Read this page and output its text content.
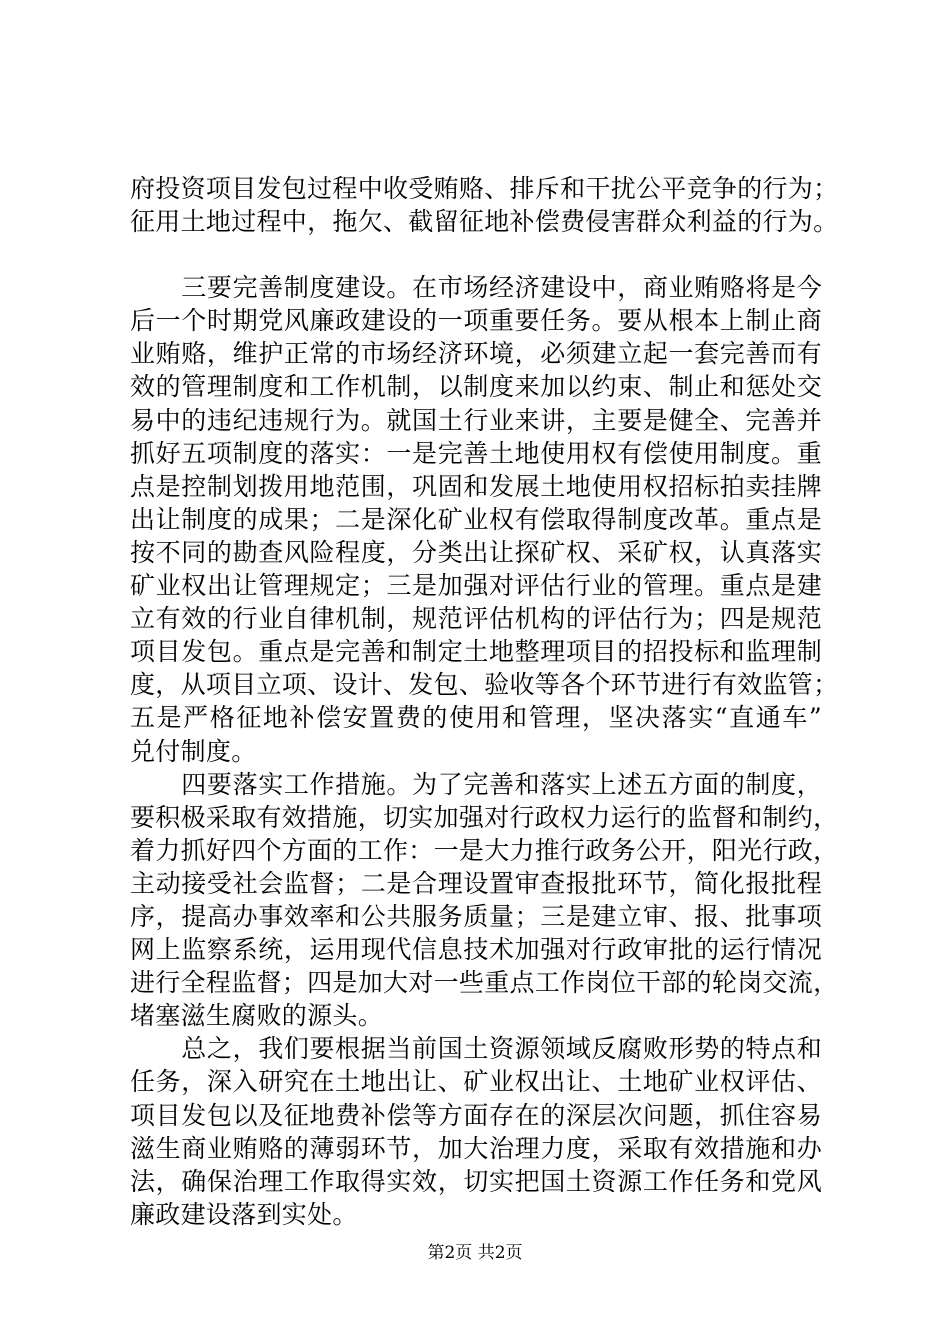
府投资项目发包过程中收受贿赂、排斥和干扰公平竞争的行为；
征用土地过程中，拖欠、截留征地补偿费侵害群众利益的行为。
　　三要完善制度建设。在市场经济建设中，商业贿赂将是今
后一个时期党风廉政建设的一项重要任务。要从根本上制止商
业贿赂，维护正常的市场经济环境，必须建立起一套完善而有
效的管理制度和工作机制，以制度来加以约束、制止和惩处交
易中的违纪违规行为。就国土行业来讲，主要是健全、完善并
抓好五项制度的落实：一是完善土地使用权有偿使用制度。重
点是控制划拨用地范围，巩固和发展土地使用权招标拍卖挂牌
出让制度的成果；二是深化矿业权有偿取得制度改革。重点是
按不同的勘查风险程度，分类出让探矿权、采矿权，认真落实
矿业权出让管理规定；三是加强对评估行业的管理。重点是建
立有效的行业自律机制，规范评估机构的评估行为；四是规范
项目发包。重点是完善和制定土地整理项目的招投标和监理制
度，从项目立项、设计、发包、验收等各个环节进行有效监管；
五是严格征地补偿安置费的使用和管理，坚决落实“直通车”
兑付制度。
　　四要落实工作措施。为了完善和落实上述五方面的制度，
要积极采取有效措施，切实加强对行政权力运行的监督和制约，
着力抓好四个方面的工作：一是大力推行政务公开，阳光行政，
主动接受社会监督；二是合理设置审查报批环节，简化报批程
序，提高办事效率和公共服务质量；三是建立审、报、批事项
网上监察系统，运用现代信息技术加强对行政审批的运行情况
进行全程监督；四是加大对一些重点工作岗位干部的轮岗交流，
堵塞滋生腐败的源头。
　　总之，我们要根据当前国土资源领域反腐败形势的特点和
任务，深入研究在土地出让、矿业权出让、土地矿业权评估、
项目发包以及征地费补偿等方面存在的深层次问题，抓住容易
滋生商业贿赂的薄弱环节，加大治理力度，采取有效措施和办
法，确保治理工作取得实效，切实把国土资源工作任务和党风
廉政建设落到实处。
第2页 共2页
